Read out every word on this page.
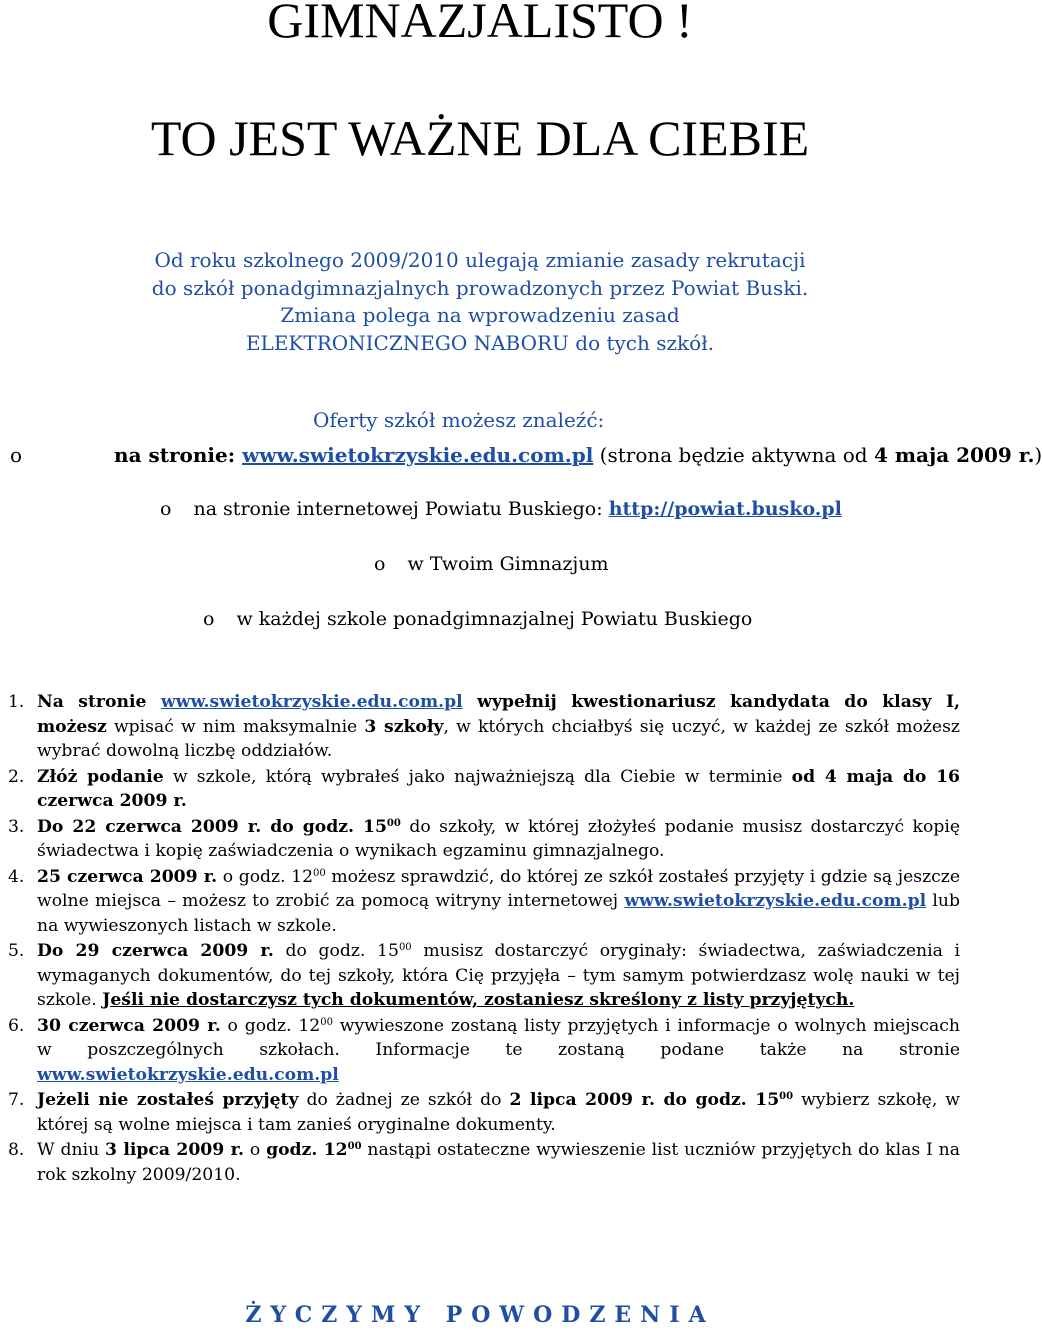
GIMNAZJALISTO !
TO JEST WAŻNE DLA CIEBIE
Od roku szkolnego 2009/2010 ulegają zmianie zasady rekrutacji
do szkół ponadgimnazjalnych prowadzonych przez Powiat Buski.
Zmiana polega na wprowadzeniu zasad
ELEKTRONICZNEGO NABORU do tych szkół.
Oferty szkół możesz znaleźć:
o	na stronie: www.swietokrzyskie.edu.com.pl (strona będzie aktywna od 4 maja 2009 r.)
o na stronie internetowej Powiatu Buskiego: http://powiat.busko.pl
o w Twoim Gimnazjum
o w każdej szkole ponadgimnazjalnej Powiatu Buskiego
1. Na stronie www.swietokrzyskie.edu.com.pl wypełnij kwestionariusz kandydata do klasy I, możesz wpisać w nim maksymalnie 3 szkoły, w których chciałbyś się uczyć, w każdej ze szkół możesz wybrać dowolną liczbę oddziałów.
2. Złóż podanie w szkole, którą wybrałeś jako najważniejszą dla Ciebie w terminie od 4 maja do 16 czerwca 2009 r.
3. Do 22 czerwca 2009 r. do godz. $15^{00}$ do szkoły, w której złożyłeś podanie musisz dostarczyć kopię świadectwa i kopię zaświadczenia o wynikach egzaminu gimnazjalnego.
4. 25 czerwca 2009 r. o godz. $12^{00}$ możesz sprawdzić, do której ze szkół zostałeś przyjęty i gdzie są jeszcze wolne miejsca – możesz to zrobić za pomocą witryny internetowej www.swietokrzyskie.edu.com.pl lub na wywieszonych listach w szkole.
5. Do 29 czerwca 2009 r. do godz. $15^{00}$ musisz dostarczyć oryginały: świadectwa, zaświadczenia i wymaganych dokumentów, do tej szkoły, która Cię przyjęła – tym samym potwierdzasz wolę nauki w tej szkole. Jeśli nie dostarczysz tych dokumentów, zostaniesz skreślony z listy przyjętych.
6. 30 czerwca 2009 r. o godz. $12^{00}$ wywieszone zostaną listy przyjętych i informacje o wolnych miejscach w poszczególnych szkołach. Informacje te zostaną podane także na stronie www.swietokrzyskie.edu.com.pl
7. Jeżeli nie zostałeś przyjęty do żadnej ze szkół do 2 lipca 2009 r. do godz. $15^{00}$ wybierz szkołę, w której są wolne miejsca i tam zanieś oryginalne dokumenty.
8. W dniu 3 lipca 2009 r. o godz. $12^{00}$ nastąpi ostateczne wywieszenie list uczniów przyjętych do klas I na rok szkolny 2009/2010.
ŻYCZYMY POWODZENIA
